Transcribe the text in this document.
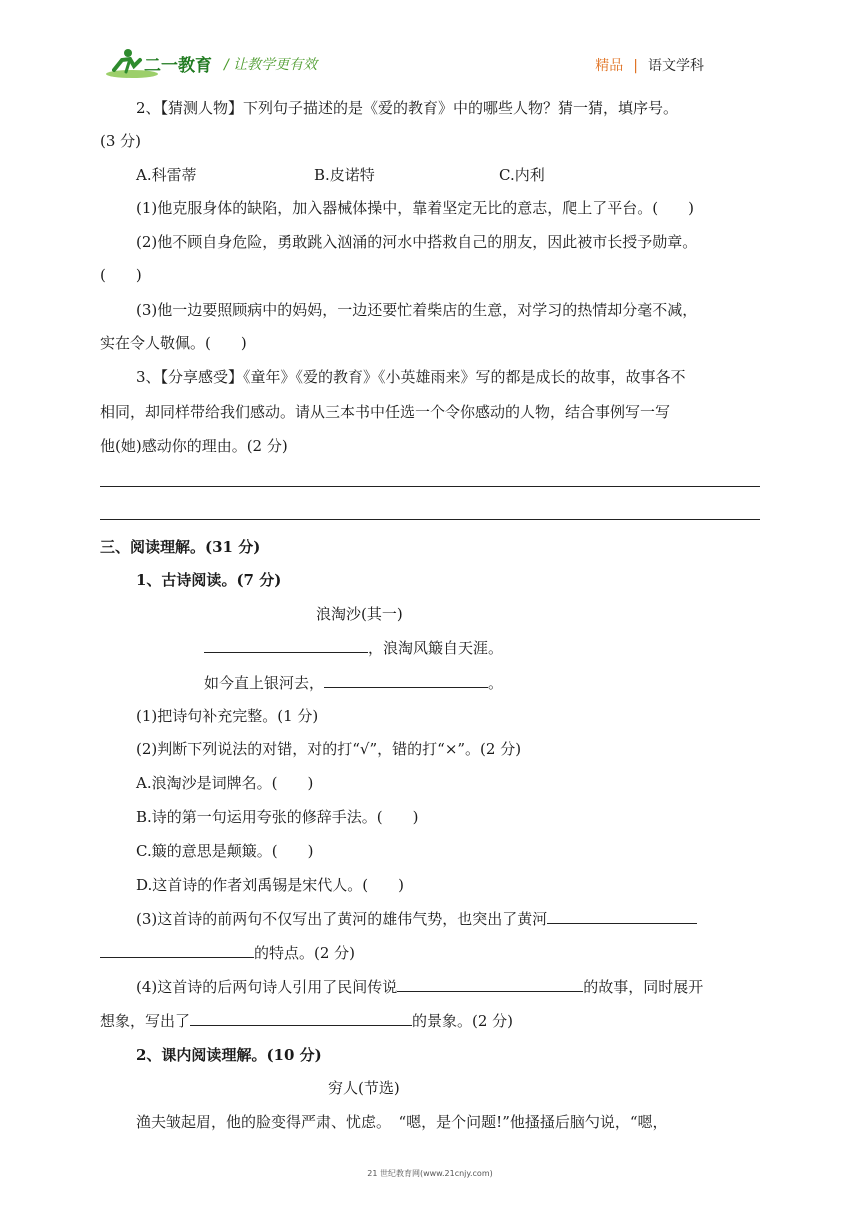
二一教育 / 让教学更有效	精品 | 语文学科
2、【猜测人物】下列句子描述的是《爱的教育》中的哪些人物？猜一猜，填序号。
(3 分)
A.科雷蒂	B.皮诺特	C.内利
(1)他克服身体的缺陷，加入器械体操中，靠着坚定无比的意志，爬上了平台。(　　)
(2)他不顾自身危险，勇敢跳入汹涌的河水中搭救自己的朋友，因此被市长授予勋章。
(　　)
(3)他一边要照顾病中的妈妈，一边还要忙着柴店的生意，对学习的热情却分毫不减，
实在令人敬佩。(　　)
3、【分享感受】《童年》《爱的教育》《小英雄雨来》写的都是成长的故事，故事各不
相同，却同样带给我们感动。请从三本书中任选一个令你感动的人物，结合事例写一写
他(她)感动你的理由。(2 分)
三、阅读理解。(31 分)
1、古诗阅读。(7 分)
浪淘沙(其一)
，浪淘风簸自天涯。
如今直上银河去，	。
(1)把诗句补充完整。(1 分)
(2)判断下列说法的对错，对的打“√”，错的打“×”。(2 分)
A.浪淘沙是词牌名。(　　)
B.诗的第一句运用夸张的修辞手法。(　　)
C.簸的意思是颠簸。(　　)
D.这首诗的作者刘禹锡是宋代人。(　　)
(3)这首诗的前两句不仅写出了黄河的雄伟气势，也突出了黄河
的特点。(2 分)
(4)这首诗的后两句诗人引用了民间传说	的故事，同时展开
想象，写出了	的景象。(2 分)
2、课内阅读理解。(10 分)
穷人(节选)
渔夫皱起眉，他的脸变得严肃、忧虑。　“嗯，是个问题!”他搔搔后脑勺说，“嗯，
21 世纪教育网(www.21cnjy.com)
